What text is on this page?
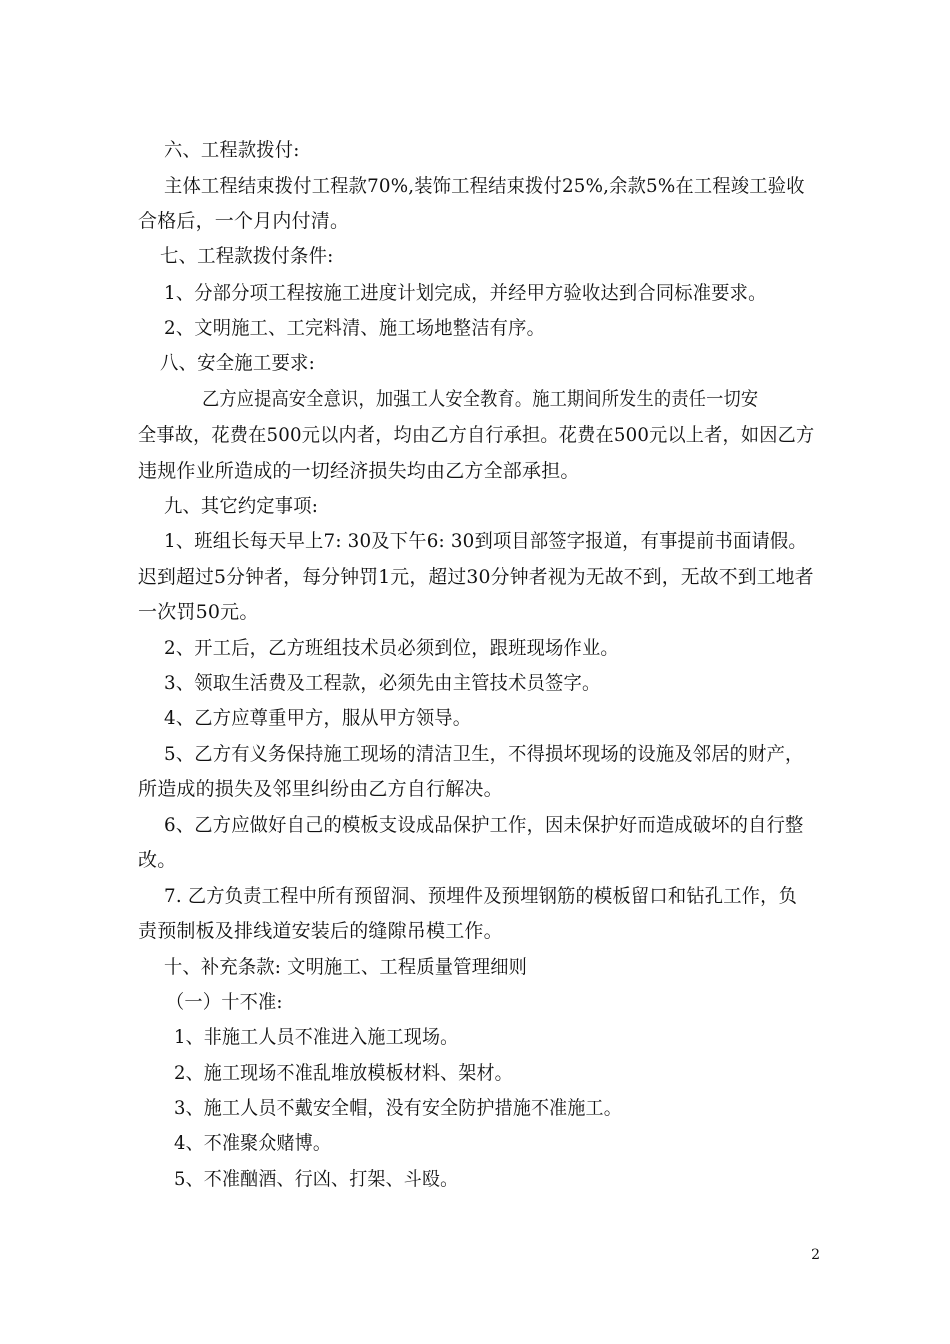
六、工程款拨付:
主体工程结束拨付工程款70%,装饰工程结束拨付25%,余款5%在工程竣工验收
合格后，一个月内付清。
七、工程款拨付条件:
1、分部分项工程按施工进度计划完成，并经甲方验收达到合同标准要求。
2、文明施工、工完料清、施工场地整洁有序。
八、安全施工要求:
乙方应提高安全意识，加强工人安全教育。施工期间所发生的责任一切安
全事故，花费在500元以内者，均由乙方自行承担。花费在500元以上者，如因乙方
违规作业所造成的一切经济损失均由乙方全部承担。
九、其它约定事项:
1、班组长每天早上7: 30及下午6: 30到项目部签字报道，有事提前书面请假。
迟到超过5分钟者，每分钟罚1元，超过30分钟者视为无故不到，无故不到工地者
一次罚50元。
2、开工后，乙方班组技术员必须到位，跟班现场作业。
3、领取生活费及工程款，必须先由主管技术员签字。
4、乙方应尊重甲方，服从甲方领导。
5、乙方有义务保持施工现场的清洁卫生，不得损坏现场的设施及邻居的财产，
所造成的损失及邻里纠纷由乙方自行解决。
6、乙方应做好自己的模板支设成品保护工作，因未保护好而造成破坏的自行整
改。
7. 乙方负责工程中所有预留洞、预埋件及预埋钢筋的模板留口和钻孔工作，负
责预制板及排线道安装后的缝隙吊模工作。
十、补充条款: 文明施工、工程质量管理细则
（一）十不准:
1、非施工人员不准进入施工现场。
2、施工现场不准乱堆放模板材料、架材。
3、施工人员不戴安全帽，没有安全防护措施不准施工。
4、不准聚众赌博。
5、不准酗酒、行凶、打架、斗殴。
2
